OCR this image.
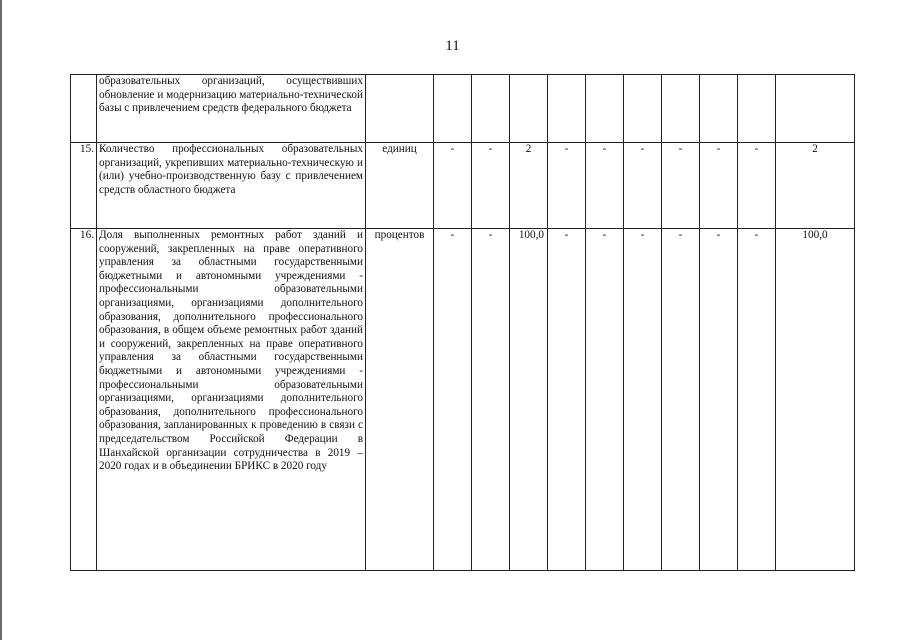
11
	образовательных организаций, осуществивших обновление и модернизацию материально-технической базы с привлечением средств федерального бюджета											
15.	Количество профессиональных образовательных организаций, укрепивших материально-техническую и (или) учебно-производственную базу с привлечением средств областного бюджета	единиц	-	-	2	-	-	-	-	-	-	2
16.	Доля выполненных ремонтных работ зданий и сооружений, закрепленных на праве оперативного управления за областными государственными бюджетными и автономными учреждениями - профессиональными образовательными организациями, организациями дополнительного образования, дополнительного профессионального образования, в общем объеме ремонтных работ зданий и сооружений, закрепленных на праве оперативного управления за областными государственными бюджетными и автономными учреждениями - профессиональными образовательными организациями, организациями дополнительного образования, дополнительного профессионального образования, запланированных к проведению в связи с председательством Российской Федерации в Шанхайской организации сотрудничества в 2019 – 2020 годах и в объединении БРИКС в 2020 году	процентов	-	-	100,0	-	-	-	-	-	-	100,0
